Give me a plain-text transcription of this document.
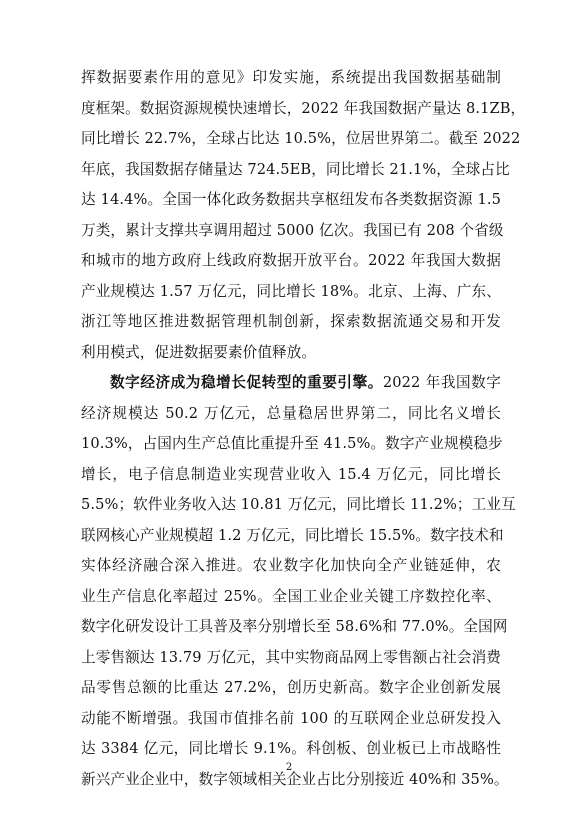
挥数据要素作用的意见》印发实施，系统提出我国数据基础制
度框架。数据资源规模快速增长，2022 年我国数据产量达 8.1ZB，
同比增长 22.7%，全球占比达 10.5%，位居世界第二。截至 2022
年底，我国数据存储量达 724.5EB，同比增长 21.1%，全球占比
达 14.4%。全国一体化政务数据共享枢纽发布各类数据资源 1.5
万类，累计支撑共享调用超过 5000 亿次。我国已有 208 个省级
和城市的地方政府上线政府数据开放平台。2022 年我国大数据
产业规模达 1.57 万亿元，同比增长 18%。北京、上海、广东、
浙江等地区推进数据管理机制创新，探索数据流通交易和开发
利用模式，促进数据要素价值释放。
数字经济成为稳增长促转型的重要引擎。2022 年我国数字
经济规模达 50.2 万亿元，总量稳居世界第二，同比名义增长
10.3%，占国内生产总值比重提升至 41.5%。数字产业规模稳步
增长，电子信息制造业实现营业收入 15.4 万亿元，同比增长
5.5%；软件业务收入达 10.81 万亿元，同比增长 11.2%；工业互
联网核心产业规模超 1.2 万亿元，同比增长 15.5%。数字技术和
实体经济融合深入推进。农业数字化加快向全产业链延伸，农
业生产信息化率超过 25%。全国工业企业关键工序数控化率、
数字化研发设计工具普及率分别增长至 58.6%和 77.0%。全国网
上零售额达 13.79 万亿元，其中实物商品网上零售额占社会消费
品零售总额的比重达 27.2%，创历史新高。数字企业创新发展
动能不断增强。我国市值排名前 100 的互联网企业总研发投入
达 3384 亿元，同比增长 9.1%。科创板、创业板已上市战略性
新兴产业企业中，数字领域相关企业占比分别接近 40%和 35%。
2
